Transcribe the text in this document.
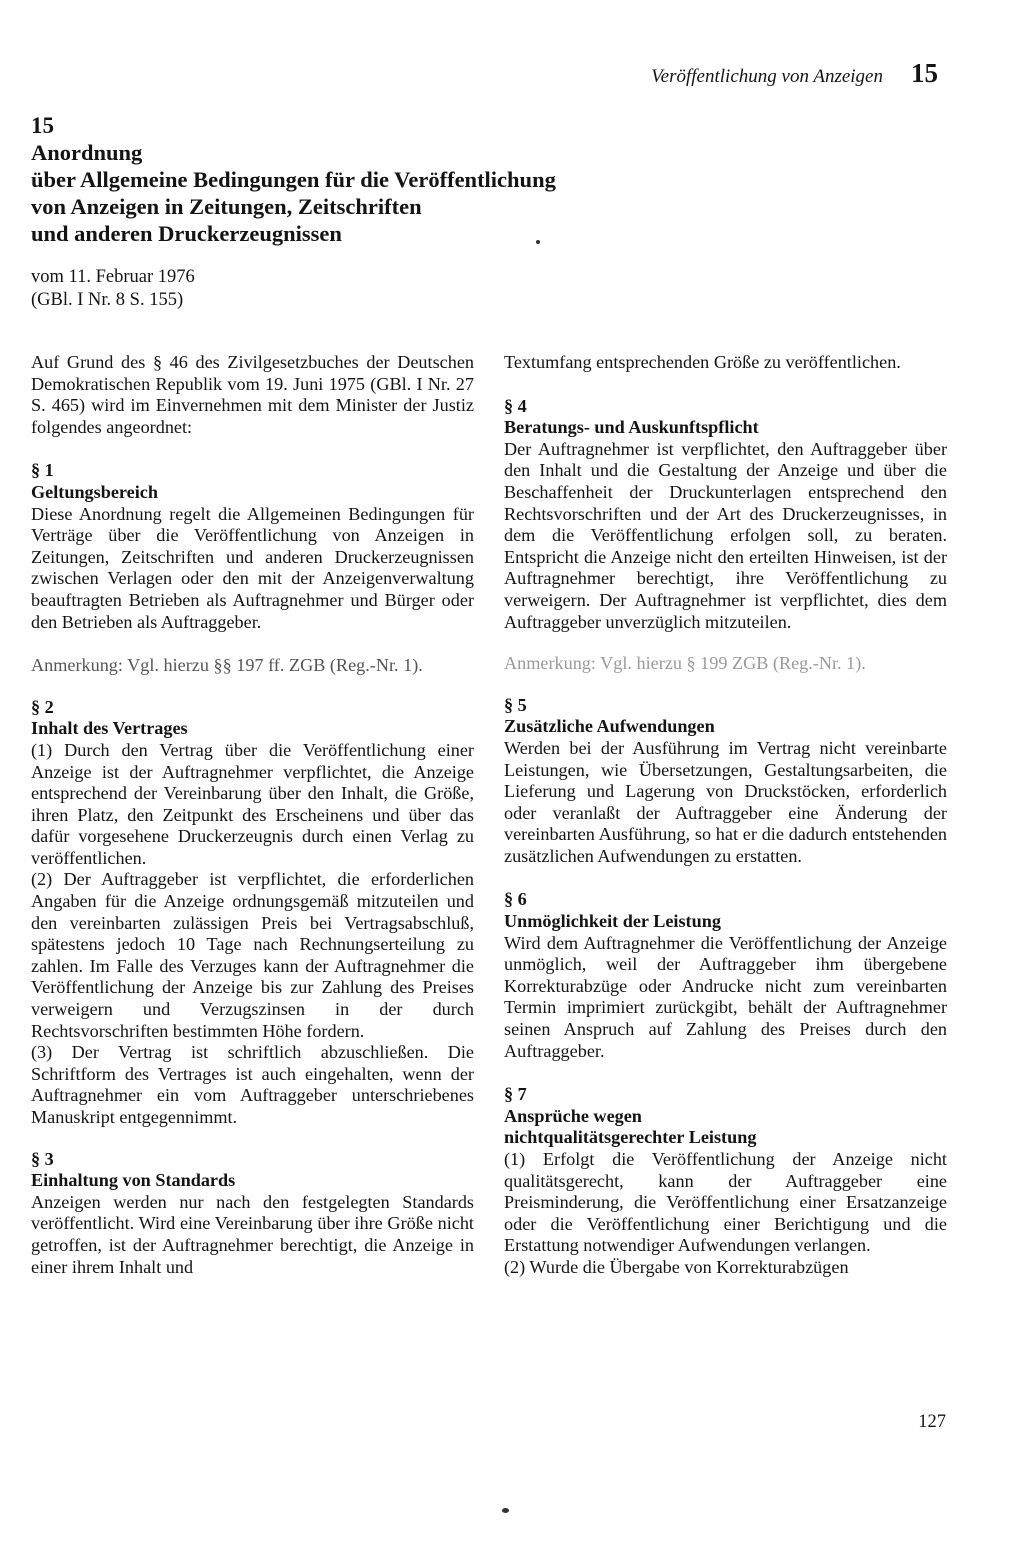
Veröffentlichung von Anzeigen 15
15
Anordnung
über Allgemeine Bedingungen für die Veröffentlichung
von Anzeigen in Zeitungen, Zeitschriften
und anderen Druckerzeugnissen
vom 11. Februar 1976
(GBl. I Nr. 8 S. 155)

Auf Grund des § 46 des Zivilgesetzbuches der Deutschen Demokratischen Republik vom 19. Juni 1975 (GBl. I Nr. 27 S. 465) wird im Einvernehmen mit dem Minister der Justiz folgendes angeordnet:

§ 1
Geltungsbereich

Diese Anordnung regelt die Allgemeinen Bedingungen für Verträge über die Veröffentlichung von Anzeigen in Zeitungen, Zeitschriften und anderen Druckerzeugnissen zwischen Verlagen oder den mit der Anzeigenverwaltung beauftragten Betrieben als Auftragnehmer und Bürger oder den Betrieben als Auftraggeber.

Anmerkung: Vgl. hierzu §§ 197 ff. ZGB (Reg.-Nr. 1).

§ 2
Inhalt des Vertrages

(1) Durch den Vertrag über die Veröffentlichung einer Anzeige ist der Auftragnehmer verpflichtet, die Anzeige entsprechend der Vereinbarung über den Inhalt, die Größe, ihren Platz, den Zeitpunkt des Erscheinens und über das dafür vorgesehene Druckerzeugnis durch einen Verlag zu veröffentlichen.

(2) Der Auftraggeber ist verpflichtet, die erforderlichen Angaben für die Anzeige ordnungsgemäß mitzuteilen und den vereinbarten zulässigen Preis bei Vertragsabschluß, spätestens jedoch 10 Tage nach Rechnungserteilung zu zahlen. Im Falle des Verzuges kann der Auftragnehmer die Veröffentlichung der Anzeige bis zur Zahlung des Preises verweigern und Verzugszinsen in der durch Rechtsvorschriften bestimmten Höhe fordern.

(3) Der Vertrag ist schriftlich abzuschließen. Die Schriftform des Vertrages ist auch eingehalten, wenn der Auftragnehmer ein vom Auftraggeber unterschriebenes Manuskript entgegennimmt.

§ 3
Einhaltung von Standards

Anzeigen werden nur nach den festgelegten Standards veröffentlicht. Wird eine Vereinbarung über ihre Größe nicht getroffen, ist der Auftragnehmer berechtigt, die Anzeige in einer ihrem Inhalt und

Textumfang entsprechenden Größe zu veröffentlichen.

§ 4
Beratungs- und Auskunftspflicht

Der Auftragnehmer ist verpflichtet, den Auftraggeber über den Inhalt und die Gestaltung der Anzeige und über die Beschaffenheit der Druckunterlagen entsprechend den Rechtsvorschriften und der Art des Druckerzeugnisses, in dem die Veröffentlichung erfolgen soll, zu beraten. Entspricht die Anzeige nicht den erteilten Hinweisen, ist der Auftragnehmer berechtigt, ihre Veröffentlichung zu verweigern. Der Auftragnehmer ist verpflichtet, dies dem Auftraggeber unverzüglich mitzuteilen.

Anmerkung: Vgl. hierzu § 199 ZGB (Reg.-Nr. 1).

§ 5
Zusätzliche Aufwendungen

Werden bei der Ausführung im Vertrag nicht vereinbarte Leistungen, wie Übersetzungen, Gestaltungsarbeiten, die Lieferung und Lagerung von Druckstöcken, erforderlich oder veranlaßt der Auftraggeber eine Änderung der vereinbarten Ausführung, so hat er die dadurch entstehenden zusätzlichen Aufwendungen zu erstatten.

§ 6
Unmöglichkeit der Leistung

Wird dem Auftragnehmer die Veröffentlichung der Anzeige unmöglich, weil der Auftraggeber ihm übergebene Korrekturabzüge oder Andrucke nicht zum vereinbarten Termin imprimiert zurückgibt, behält der Auftragnehmer seinen Anspruch auf Zahlung des Preises durch den Auftraggeber.

§ 7
Ansprüche wegen
nichtqualitätsgerechter Leistung

(1) Erfolgt die Veröffentlichung der Anzeige nicht qualitätsgerecht, kann der Auftraggeber eine Preisminderung, die Veröffentlichung einer Ersatzanzeige oder die Veröffentlichung einer Berichtigung und die Erstattung notwendiger Aufwendungen verlangen.

(2) Wurde die Übergabe von Korrekturabzügen

127
